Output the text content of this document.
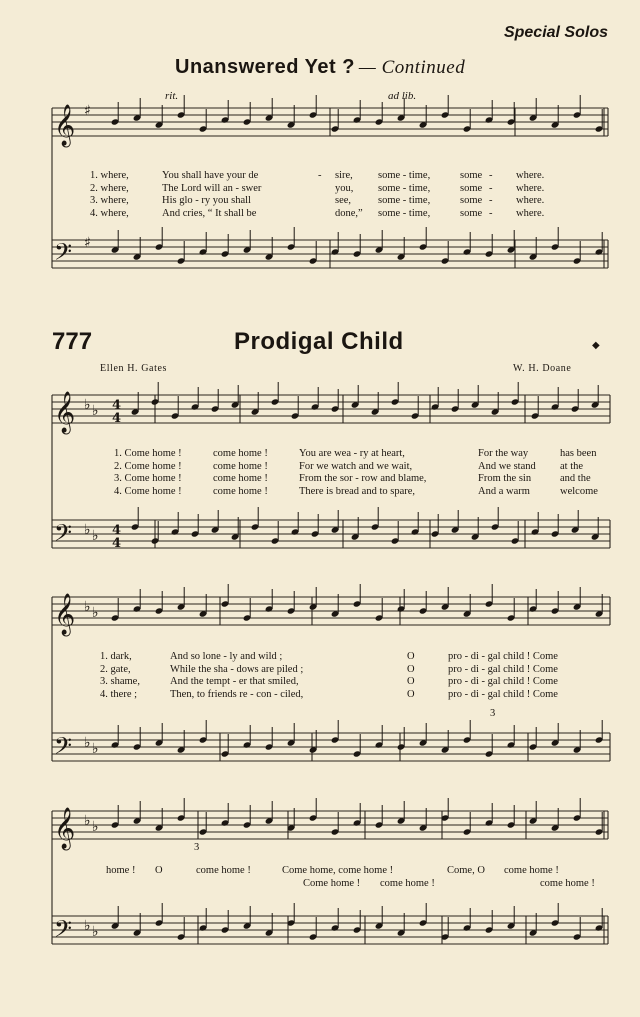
Special Solos
Unanswered Yet ? — Continued
rit.	ad lib.
𝄞
𝄢
𝄞
𝄢
𝄞
𝄢
𝄞
𝄢
♯
♯
♭ ♭
♭ ♭
♭ ♭
♭ ♭
♭ ♭
♭ ♭
4
4
4
4
1. where,	You shall have your de	- sire, some - time,	some - where.
2. where,	The Lord will an - swer	you, some - time,	some - where.
3. where,	His glo - ry you shall	see,	some - time,	some - where.
4. where,	And cries, “ It shall be	done,” some - time,	some - where.
777	Prodigal Child	◆
Ellen H. Gates	W. H. Doane
1. Come home !	come home !	You are wea - ry at heart,	For the way	has been
2. Come home !	come home !	For we watch and we wait,	And we stand at the
3. Come home !	come home !	From the sor - row and blame,	From the sin	and the
4. Come home !	come home !	There is bread and to spare,	And a warm	welcome
1. dark,	And so lone - ly and wild ;	O	pro - di - gal child ! Come
2. gate,	While the sha - dows are piled ;	O	pro - di - gal child ! Come
3. shame,	And the tempt - er that smiled,	O	pro - di - gal child ! Come
4. there ;	Then, to friends re - con - ciled,	O	pro - di - gal child ! Come
3
3
home ! O	come home !	Come home, come home !	Come, O come home !
Come home ! come home !	come home !
